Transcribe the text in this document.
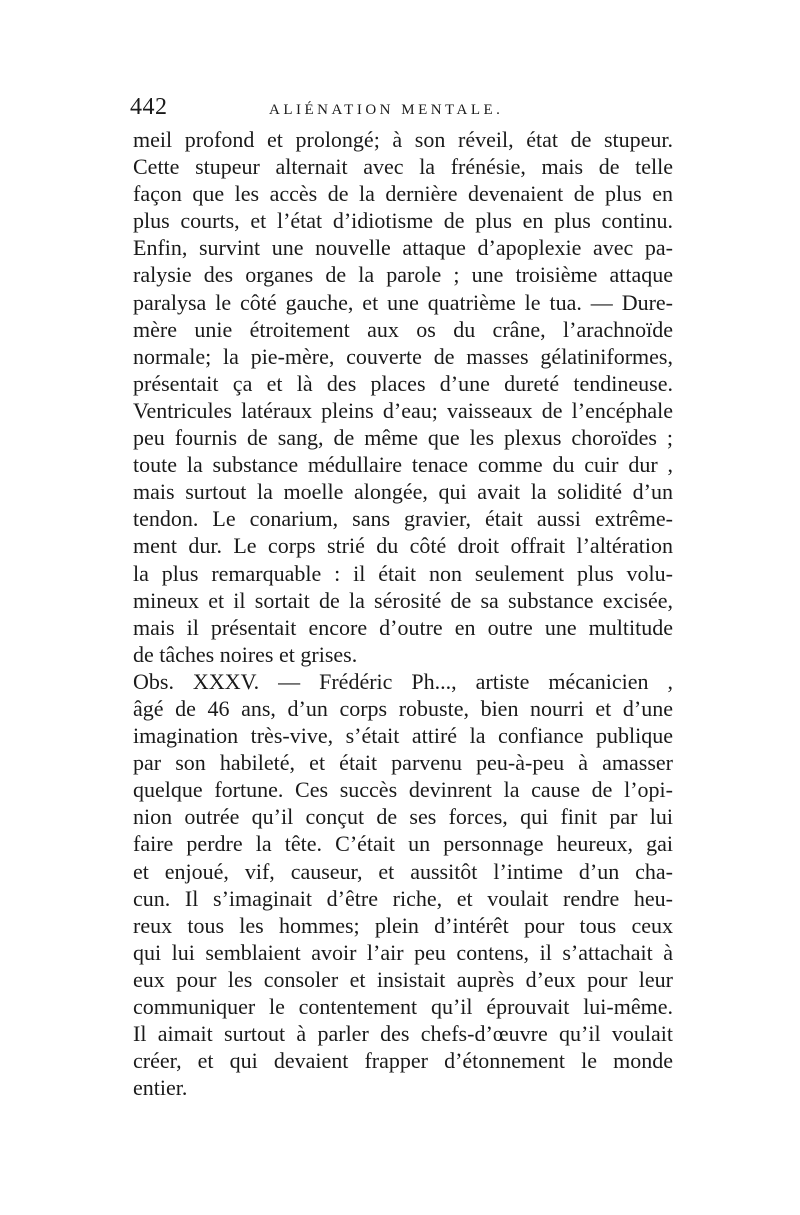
442	ALIÉNATION MENTALE.
meil profond et prolongé; à son réveil, état de stupeur.
Cette stupeur alternait avec la frénésie, mais de telle
façon que les accès de la dernière devenaient de plus en
plus courts, et l’état d’idiotisme de plus en plus continu.
Enfin, survint une nouvelle attaque d’apoplexie avec pa-
ralysie des organes de la parole ; une troisième attaque
paralysa le côté gauche, et une quatrième le tua. — Dure-
mère unie étroitement aux os du crâne, l’arachnoïde
normale; la pie-mère, couverte de masses gélatiniformes,
présentait ça et là des places d’une dureté tendineuse.
Ventricules latéraux pleins d’eau; vaisseaux de l’encéphale
peu fournis de sang, de même que les plexus choroïdes ;
toute la substance médullaire tenace comme du cuir dur ,
mais surtout la moelle alongée, qui avait la solidité d’un
tendon. Le conarium, sans gravier, était aussi extrême-
ment dur. Le corps strié du côté droit offrait l’altération
la plus remarquable : il était non seulement plus volu-
mineux et il sortait de la sérosité de sa substance excisée,
mais il présentait encore d’outre en outre une multitude
de tâches noires et grises.
Obs. XXXV. — Frédéric Ph..., artiste mécanicien ,
âgé de 46 ans, d’un corps robuste, bien nourri et d’une
imagination très-vive, s’était attiré la confiance publique
par son habileté, et était parvenu peu-à-peu à amasser
quelque fortune. Ces succès devinrent la cause de l’opi-
nion outrée qu’il conçut de ses forces, qui finit par lui
faire perdre la tête. C’était un personnage heureux, gai
et enjoué, vif, causeur, et aussitôt l’intime d’un cha-
cun. Il s’imaginait d’être riche, et voulait rendre heu-
reux tous les hommes; plein d’intérêt pour tous ceux
qui lui semblaient avoir l’air peu contens, il s’attachait à
eux pour les consoler et insistait auprès d’eux pour leur
communiquer le contentement qu’il éprouvait lui-même.
Il aimait surtout à parler des chefs-d’œuvre qu’il voulait
créer, et qui devaient frapper d’étonnement le monde
entier.
